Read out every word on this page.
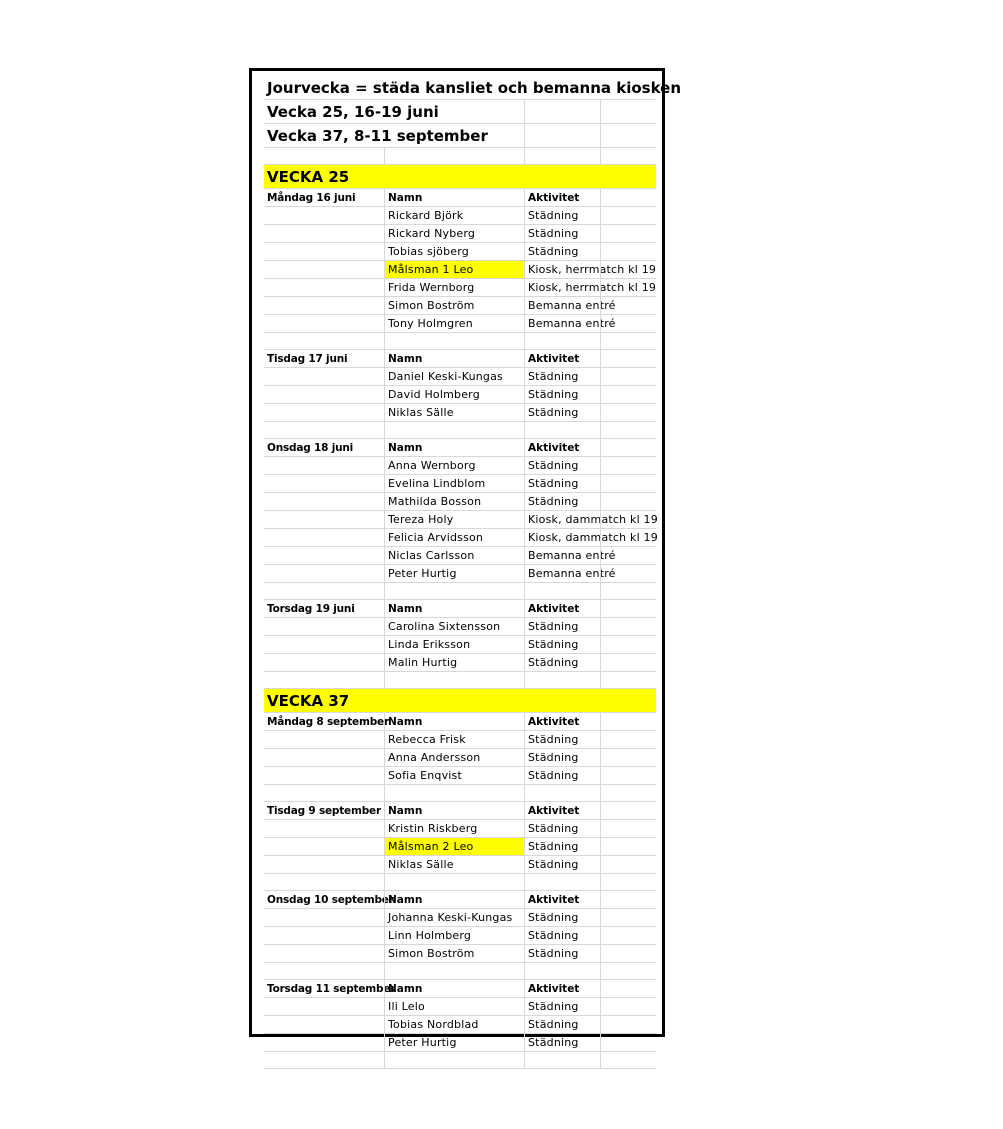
Jourvecka = städa kansliet och bemanna kiosken
Vecka 25, 16-19 juni
Vecka 37, 8-11 september
VECKA 25
Måndag 16 juni	Namn	Aktivitet
Rickard Björk	Städning
Rickard Nyberg	Städning
Tobias sjöberg	Städning
Målsman 1 Leo	Kiosk, herrmatch kl 19
Frida Wernborg	Kiosk, herrmatch kl 19
Simon Boström	Bemanna entré
Tony Holmgren	Bemanna entré
Tisdag 17 juni	Namn	Aktivitet
Daniel Keski-Kungas	Städning
David Holmberg	Städning
Niklas Sälle	Städning
Onsdag 18 juni	Namn	Aktivitet
Anna Wernborg	Städning
Evelina Lindblom	Städning
Mathilda Bosson	Städning
Tereza Holy	Kiosk, dammatch kl 19
Felicia Arvidsson	Kiosk, dammatch kl 19
Niclas Carlsson	Bemanna entré
Peter Hurtig	Bemanna entré
Torsdag 19 juni	Namn	Aktivitet
Carolina Sixtensson	Städning
Linda Eriksson	Städning
Malin Hurtig	Städning
VECKA 37
Måndag 8 september Namn	Aktivitet
Rebecca Frisk	Städning
Anna Andersson	Städning
Sofia Enqvist	Städning
Tisdag 9 september Namn	Aktivitet
Kristin Riskberg	Städning
Målsman 2 Leo	Städning
Niklas Sälle	Städning
Onsdag 10 september
Namn	Aktivitet
Johanna Keski-Kungas	Städning
Linn Holmberg	Städning
Simon Boström	Städning
Torsdag 11 september
Namn	Aktivitet
Ili Lelo	Städning
Tobias Nordblad	Städning
Peter Hurtig	Städning
